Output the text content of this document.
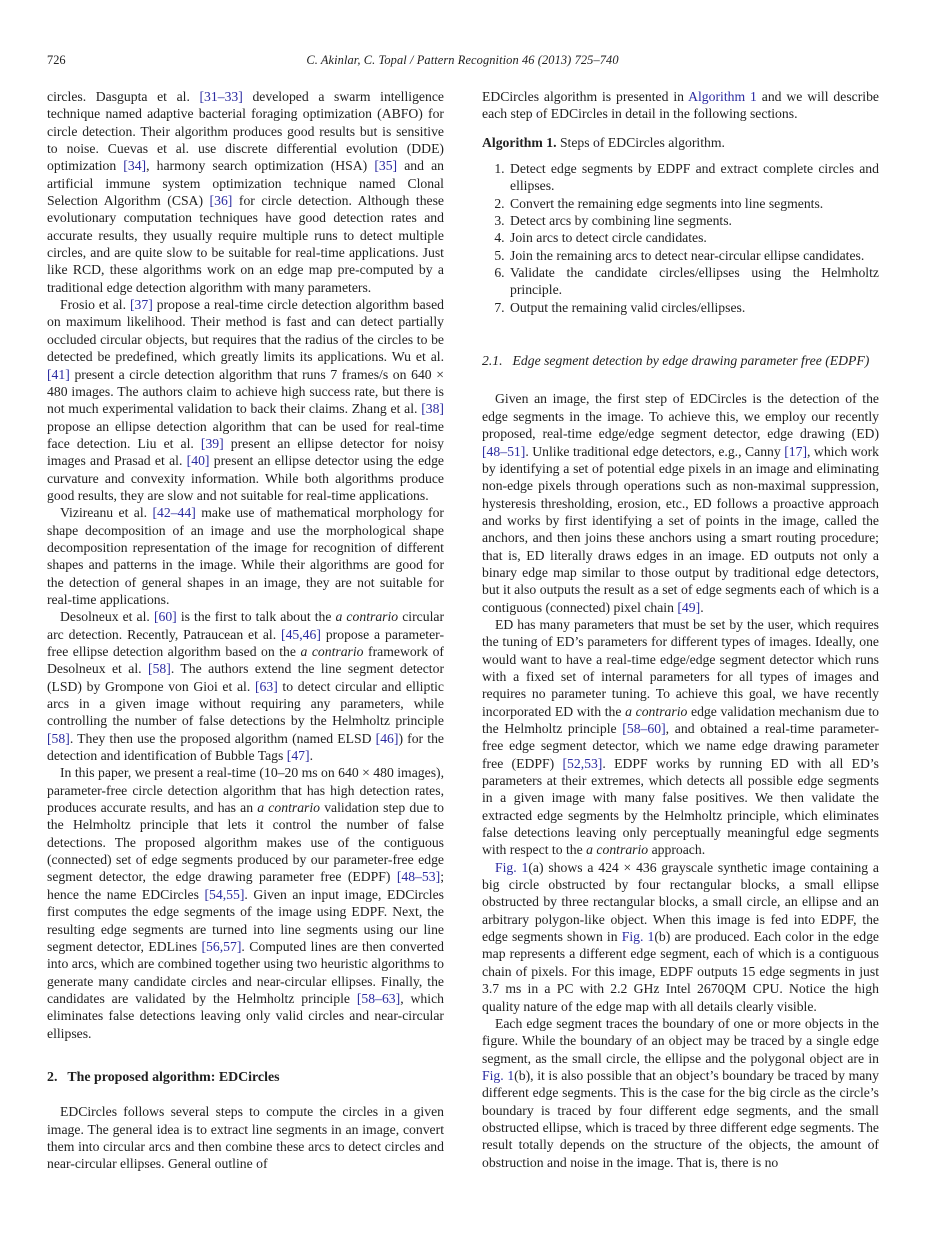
726	C. Akinlar, C. Topal / Pattern Recognition 46 (2013) 725–740

circles. Dasgupta et al. [31–33] developed a swarm intelligence technique named adaptive bacterial foraging optimization (ABFO) for circle detection. Their algorithm produces good results but is sensitive to noise. Cuevas et al. use discrete differential evolution (DDE) optimization [34], harmony search optimization (HSA) [35] and an artificial immune system optimization technique named Clonal Selection Algorithm (CSA) [36] for circle detection. Although these evolutionary computation techniques have good detection rates and accurate results, they usually require multiple runs to detect multiple circles, and are quite slow to be suitable for real-time applications. Just like RCD, these algorithms work on an edge map pre-computed by a traditional edge detection algorithm with many parameters.

Frosio et al. [37] propose a real-time circle detection algorithm based on maximum likelihood. Their method is fast and can detect partially occluded circular objects, but requires that the radius of the circles to be detected be predefined, which greatly limits its applications. Wu et al. [41] present a circle detection algorithm that runs 7 frames/s on 640 × 480 images. The authors claim to achieve high success rate, but there is not much experimental validation to back their claims. Zhang et al. [38] propose an ellipse detection algorithm that can be used for real-time face detection. Liu et al. [39] present an ellipse detector for noisy images and Prasad et al. [40] present an ellipse detector using the edge curvature and convexity information. While both algorithms produce good results, they are slow and not suitable for real-time applications.

Vizireanu et al. [42–44] make use of mathematical morphology for shape decomposition of an image and use the morphological shape decomposition representation of the image for recognition of different shapes and patterns in the image. While their algorithms are good for the detection of general shapes in an image, they are not suitable for real-time applications.

Desolneux et al. [60] is the first to talk about the a contrario circular arc detection. Recently, Patraucean et al. [45,46] propose a parameter-free ellipse detection algorithm based on the a contrario framework of Desolneux et al. [58]. The authors extend the line segment detector (LSD) by Grompone von Gioi et al. [63] to detect circular and elliptic arcs in a given image without requiring any parameters, while controlling the number of false detections by the Helmholtz principle [58]. They then use the proposed algorithm (named ELSD [46]) for the detection and identification of Bubble Tags [47].

In this paper, we present a real-time (10–20 ms on 640 × 480 images), parameter-free circle detection algorithm that has high detection rates, produces accurate results, and has an a contrario validation step due to the Helmholtz principle that lets it control the number of false detections. The proposed algorithm makes use of the contiguous (connected) set of edge segments produced by our parameter-free edge segment detector, the edge drawing parameter free (EDPF) [48–53]; hence the name EDCircles [54,55]. Given an input image, EDCircles first computes the edge segments of the image using EDPF. Next, the resulting edge segments are turned into line segments using our line segment detector, EDLines [56,57]. Computed lines are then converted into arcs, which are combined together using two heuristic algorithms to generate many candidate circles and near-circular ellipses. Finally, the candidates are validated by the Helmholtz principle [58–63], which eliminates false detections leaving only valid circles and near-circular ellipses.

2. The proposed algorithm: EDCircles

EDCircles follows several steps to compute the circles in a given image. The general idea is to extract line segments in an image, convert them into circular arcs and then combine these arcs to detect circles and near-circular ellipses. General outline of

EDCircles algorithm is presented in Algorithm 1 and we will describe each step of EDCircles in detail in the following sections.

Algorithm 1. Steps of EDCircles algorithm.
1. Detect edge segments by EDPF and extract complete circles and ellipses.
2. Convert the remaining edge segments into line segments.
3. Detect arcs by combining line segments.
4. Join arcs to detect circle candidates.
5. Join the remaining arcs to detect near-circular ellipse candidates.
6. Validate the candidate circles/ellipses using the Helmholtz principle.
7. Output the remaining valid circles/ellipses.
2.1. Edge segment detection by edge drawing parameter free (EDPF)

Given an image, the first step of EDCircles is the detection of the edge segments in the image. To achieve this, we employ our recently proposed, real-time edge/edge segment detector, edge drawing (ED) [48–51]. Unlike traditional edge detectors, e.g., Canny [17], which work by identifying a set of potential edge pixels in an image and eliminating non-edge pixels through operations such as non-maximal suppression, hysteresis thresholding, erosion, etc., ED follows a proactive approach and works by first identifying a set of points in the image, called the anchors, and then joins these anchors using a smart routing procedure; that is, ED literally draws edges in an image. ED outputs not only a binary edge map similar to those output by traditional edge detectors, but it also outputs the result as a set of edge segments each of which is a contiguous (connected) pixel chain [49].

ED has many parameters that must be set by the user, which requires the tuning of ED’s parameters for different types of images. Ideally, one would want to have a real-time edge/edge segment detector which runs with a fixed set of internal parameters for all types of images and requires no parameter tuning. To achieve this goal, we have recently incorporated ED with the a contrario edge validation mechanism due to the Helmholtz principle [58–60], and obtained a real-time parameter-free edge segment detector, which we name edge drawing parameter free (EDPF) [52,53]. EDPF works by running ED with all ED’s parameters at their extremes, which detects all possible edge segments in a given image with many false positives. We then validate the extracted edge segments by the Helmholtz principle, which eliminates false detections leaving only perceptually meaningful edge segments with respect to the a contrario approach.

Fig. 1(a) shows a 424 × 436 grayscale synthetic image containing a big circle obstructed by four rectangular blocks, a small ellipse obstructed by three rectangular blocks, a small circle, an ellipse and an arbitrary polygon-like object. When this image is fed into EDPF, the edge segments shown in Fig. 1(b) are produced. Each color in the edge map represents a different edge segment, each of which is a contiguous chain of pixels. For this image, EDPF outputs 15 edge segments in just 3.7 ms in a PC with 2.2 GHz Intel 2670QM CPU. Notice the high quality nature of the edge map with all details clearly visible.

Each edge segment traces the boundary of one or more objects in the figure. While the boundary of an object may be traced by a single edge segment, as the small circle, the ellipse and the polygonal object are in Fig. 1(b), it is also possible that an object’s boundary be traced by many different edge segments. This is the case for the big circle as the circle’s boundary is traced by four different edge segments, and the small obstructed ellipse, which is traced by three different edge segments. The result totally depends on the structure of the objects, the amount of obstruction and noise in the image. That is, there is no
